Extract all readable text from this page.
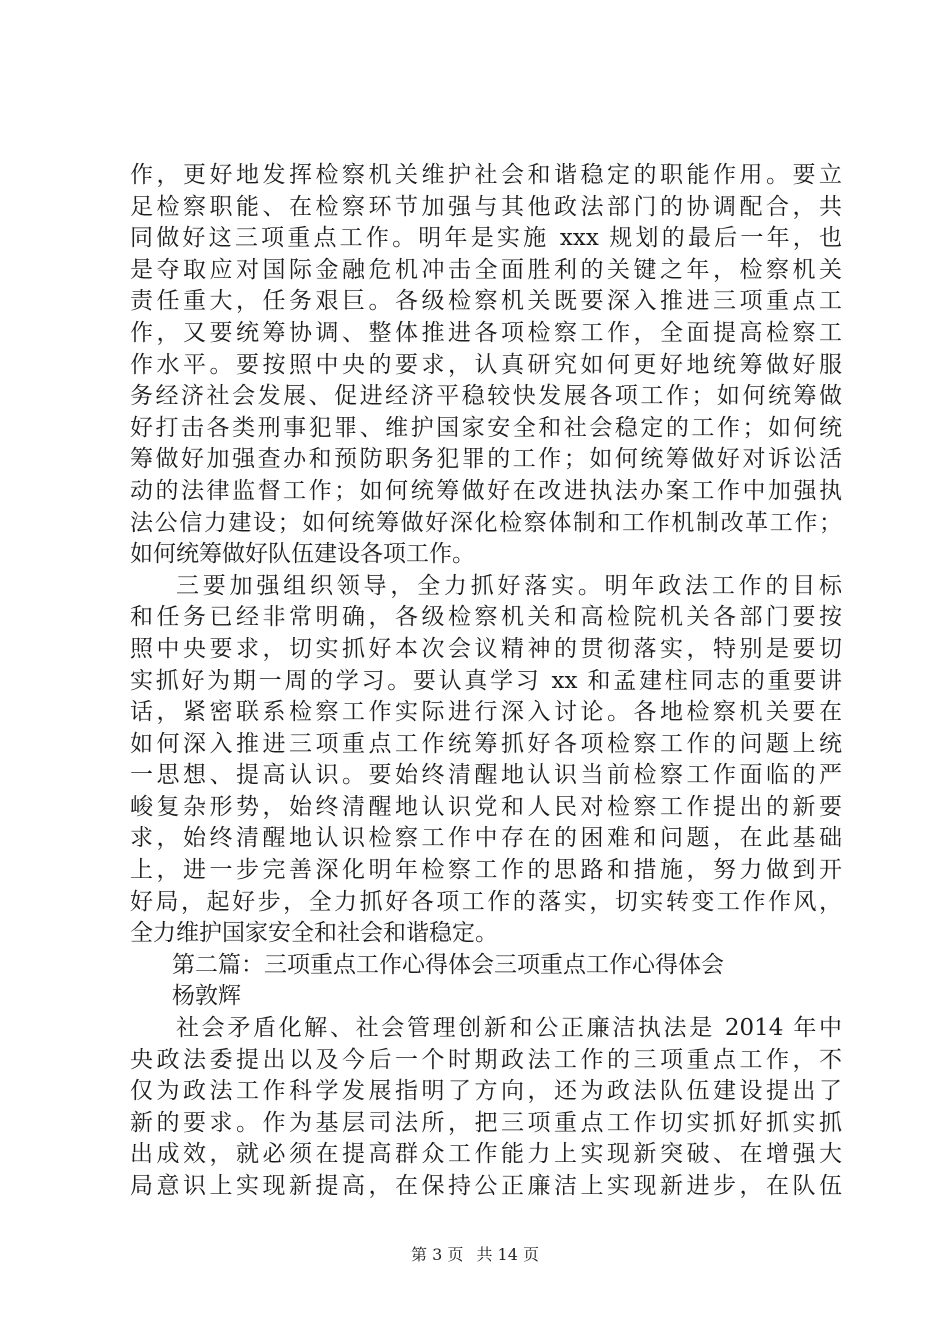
作，更好地发挥检察机关维护社会和谐稳定的职能作用。要立
足检察职能、在检察环节加强与其他政法部门的协调配合，共
同做好这三项重点工作。明年是实施 xxx 规划的最后一年，也
是夺取应对国际金融危机冲击全面胜利的关键之年，检察机关
责任重大，任务艰巨。各级检察机关既要深入推进三项重点工
作，又要统筹协调、整体推进各项检察工作，全面提高检察工
作水平。要按照中央的要求，认真研究如何更好地统筹做好服
务经济社会发展、促进经济平稳较快发展各项工作；如何统筹做
好打击各类刑事犯罪、维护国家安全和社会稳定的工作；如何统
筹做好加强查办和预防职务犯罪的工作；如何统筹做好对诉讼活
动的法律监督工作；如何统筹做好在改进执法办案工作中加强执
法公信力建设；如何统筹做好深化检察体制和工作机制改革工作；
如何统筹做好队伍建设各项工作。
三要加强组织领导，全力抓好落实。明年政法工作的目标
和任务已经非常明确，各级检察机关和高检院机关各部门要按
照中央要求，切实抓好本次会议精神的贯彻落实，特别是要切
实抓好为期一周的学习。要认真学习 xx 和孟建柱同志的重要讲
话，紧密联系检察工作实际进行深入讨论。各地检察机关要在
如何深入推进三项重点工作统筹抓好各项检察工作的问题上统
一思想、提高认识。要始终清醒地认识当前检察工作面临的严
峻复杂形势，始终清醒地认识党和人民对检察工作提出的新要
求，始终清醒地认识检察工作中存在的困难和问题，在此基础
上，进一步完善深化明年检察工作的思路和措施，努力做到开
好局，起好步，全力抓好各项工作的落实，切实转变工作作风，
全力维护国家安全和社会和谐稳定。
第二篇：三项重点工作心得体会三项重点工作心得体会
杨敦辉
社会矛盾化解、社会管理创新和公正廉洁执法是 2014 年中
央政法委提出以及今后一个时期政法工作的三项重点工作，不
仅为政法工作科学发展指明了方向，还为政法队伍建设提出了
新的要求。作为基层司法所，把三项重点工作切实抓好抓实抓
出成效，就必须在提高群众工作能力上实现新突破、在增强大
局意识上实现新提高，在保持公正廉洁上实现新进步，在队伍
第 3 页 共 14 页
